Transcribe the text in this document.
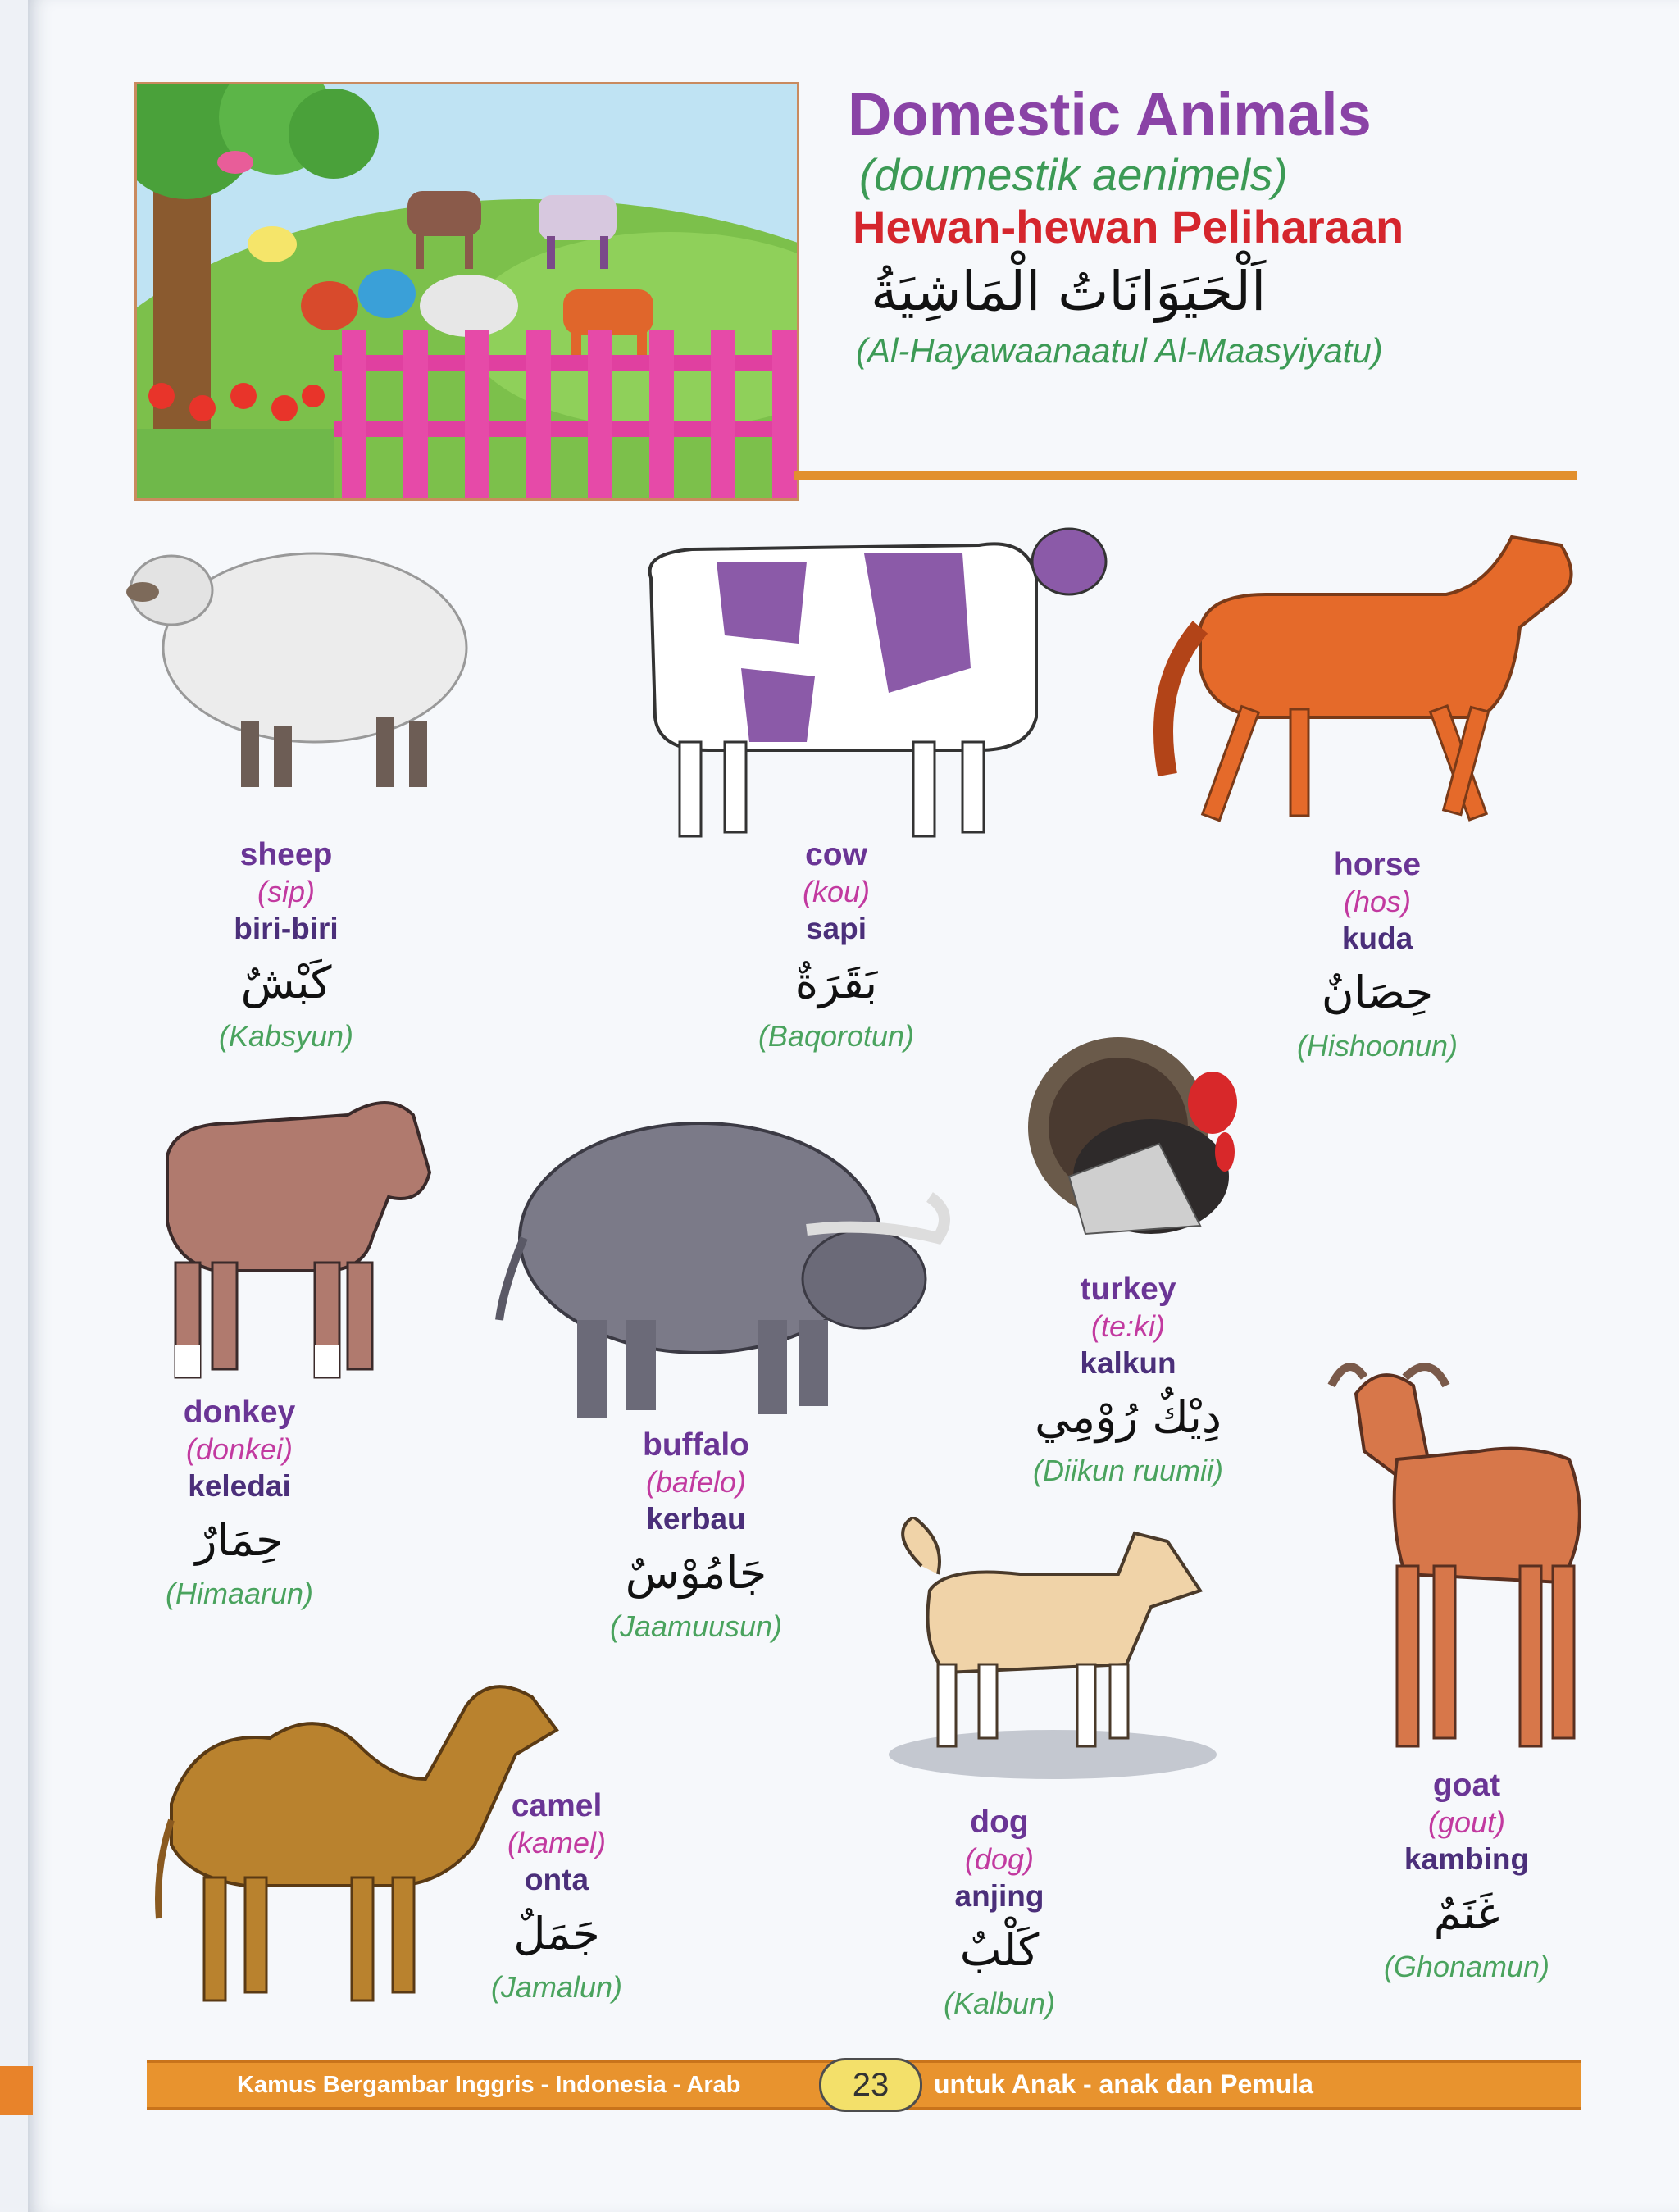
Domestic Animals
(doumestik aenimels)
Hewan-hewan Peliharaan
اَلْحَيَوَانَاتُ الْمَاشِيَةُ
(Al-Hayawaanaatul Al-Maasyiyatu)
sheep
(sip)
biri-biri
كَبْشٌ
(Kabsyun)
cow
(kou)
sapi
بَقَرَةٌ
(Baqorotun)
horse
(hos)
kuda
حِصَانٌ
(Hishoonun)
donkey
(donkei)
keledai
حِمَارٌ
(Himaarun)
buffalo
(bafelo)
kerbau
جَامُوْسٌ
(Jaamuusun)
turkey
(te:ki)
kalkun
دِيْكٌ رُوْمِي
(Diikun ruumii)
goat
(gout)
kambing
غَنَمٌ
(Ghonamun)
camel
(kamel)
onta
جَمَلٌ
(Jamalun)
dog
(dog)
anjing
كَلْبٌ
(Kalbun)
Kamus Bergambar Inggris - Indonesia - Arab	23	untuk Anak - anak dan Pemula
